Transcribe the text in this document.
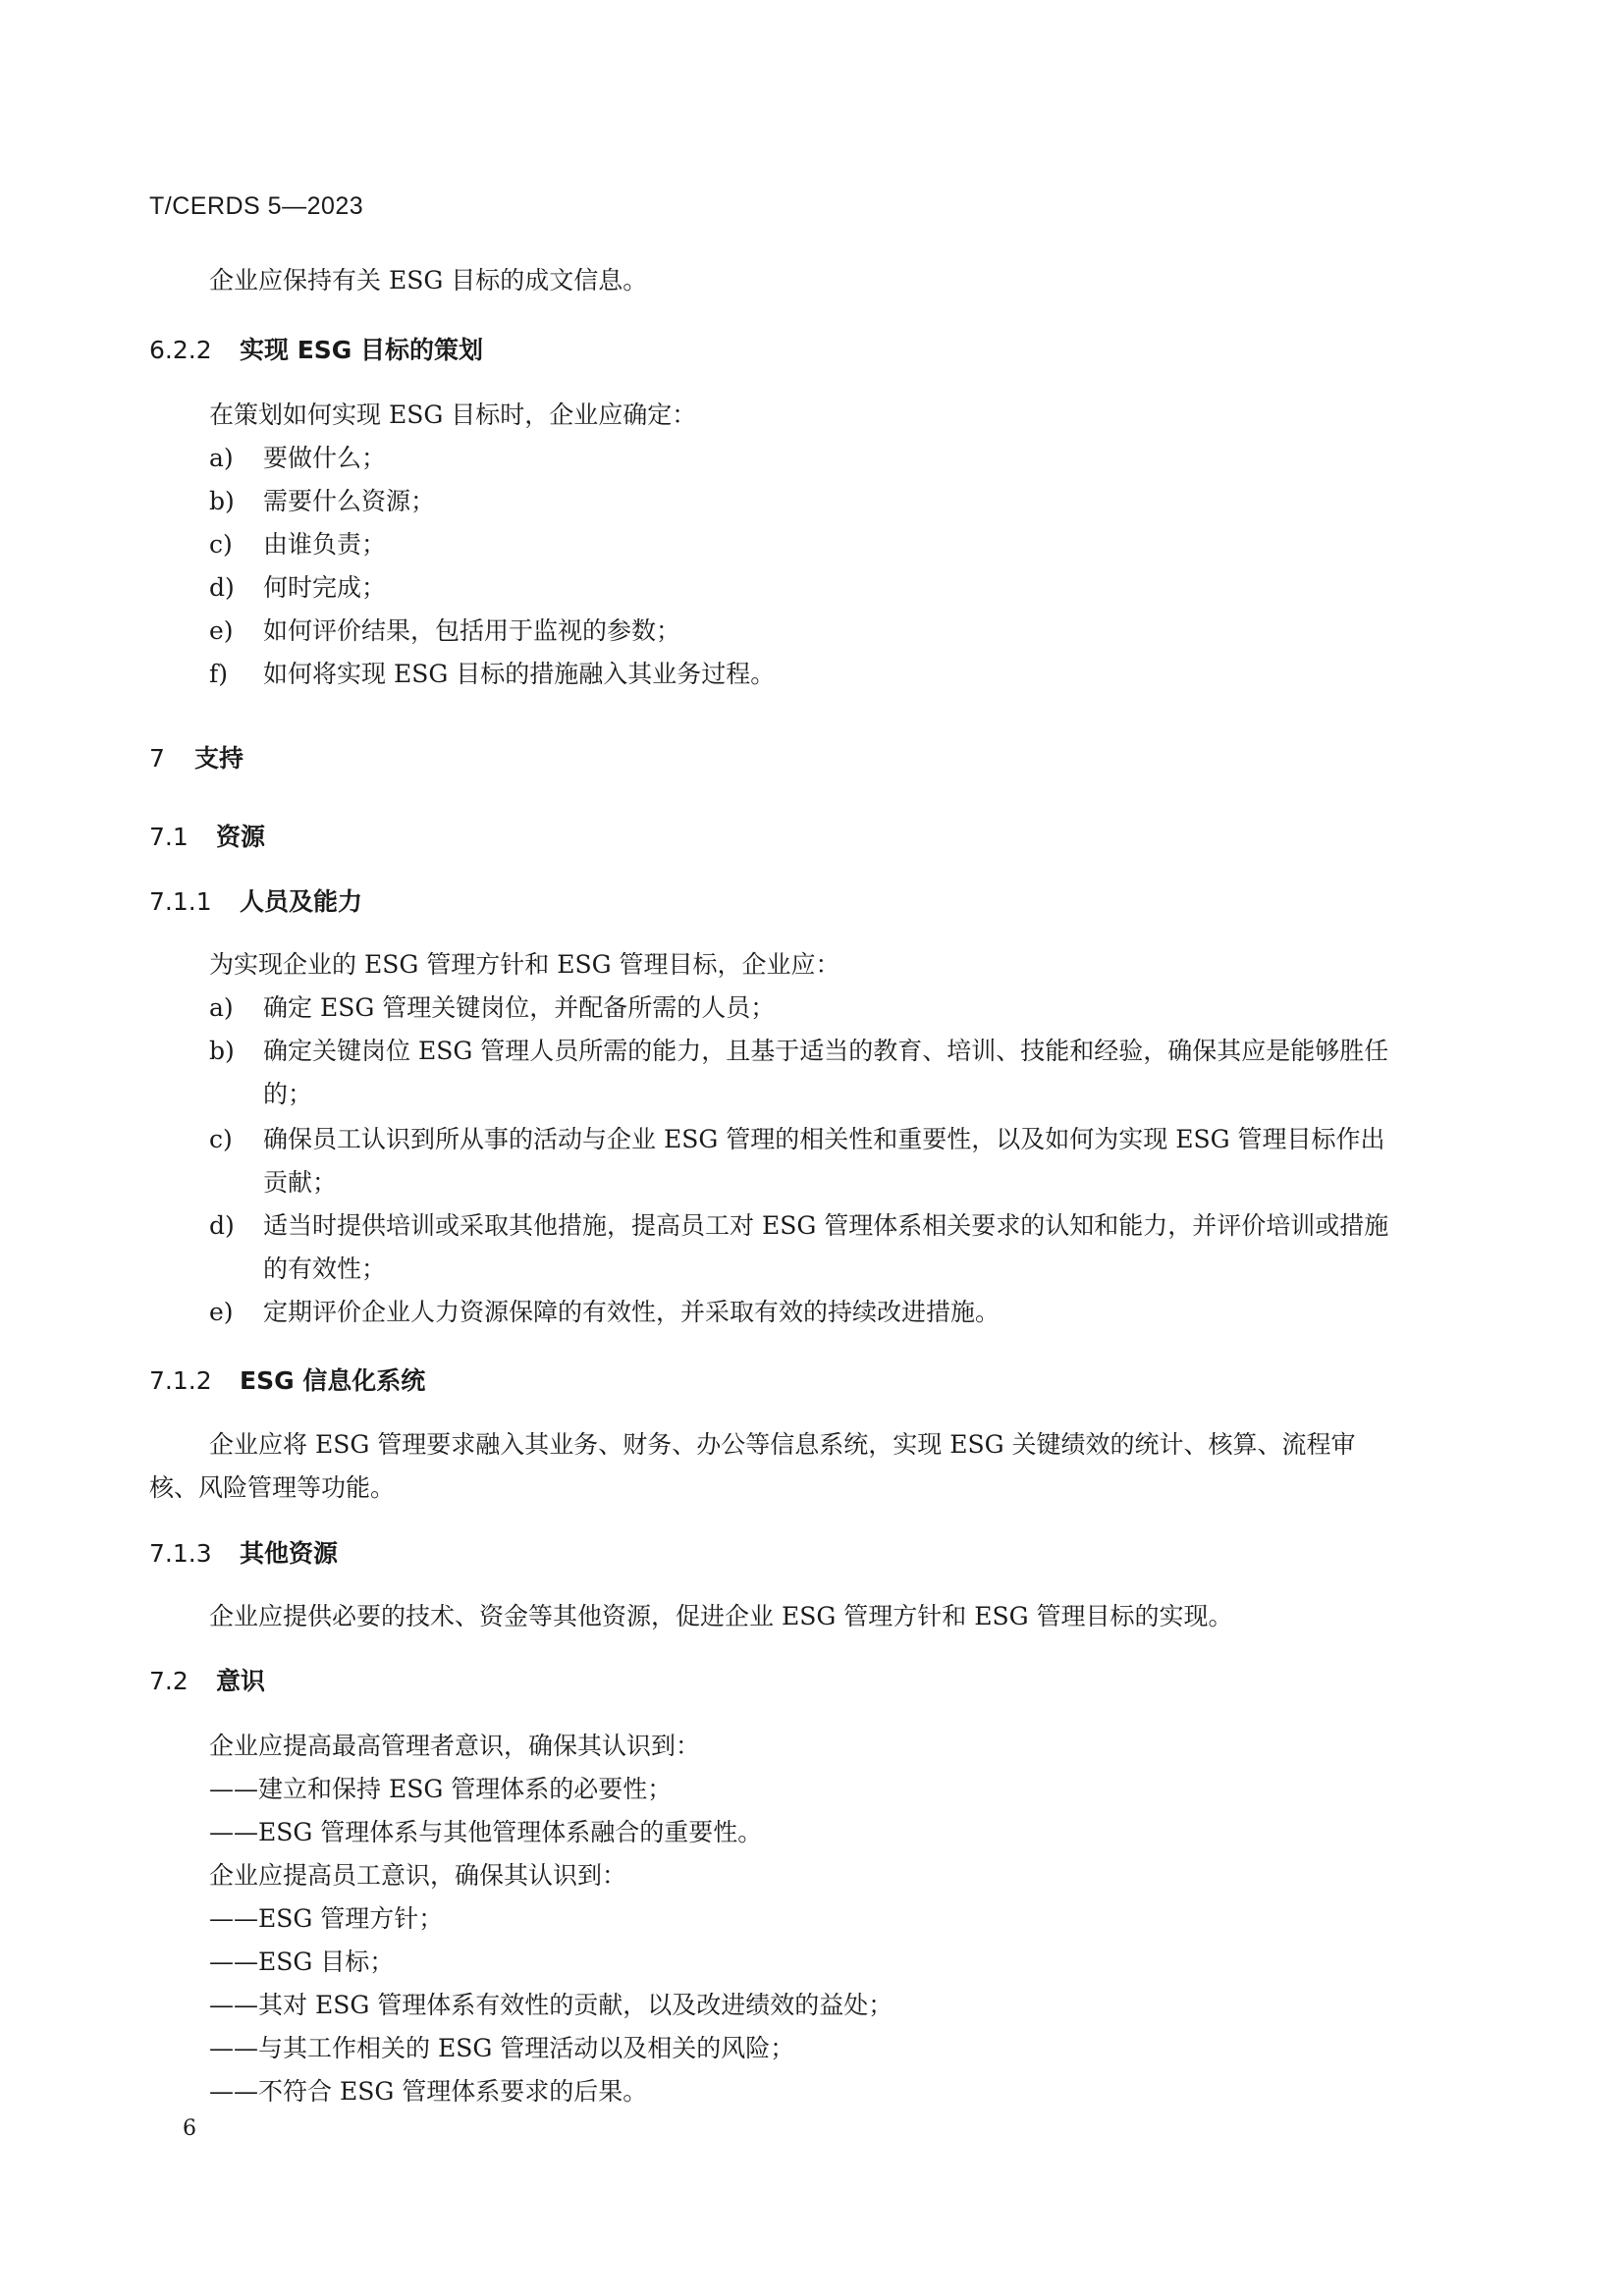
T/CERDS 5—2023
企业应保持有关 ESG 目标的成文信息。
6.2.2 实现 ESG 目标的策划
在策划如何实现 ESG 目标时，企业应确定：
a) 要做什么；
b) 需要什么资源；
c) 由谁负责；
d) 何时完成；
e) 如何评价结果，包括用于监视的参数；
f) 如何将实现 ESG 目标的措施融入其业务过程。
7 支持
7.1 资源
7.1.1 人员及能力
为实现企业的 ESG 管理方针和 ESG 管理目标，企业应：
a) 确定 ESG 管理关键岗位，并配备所需的人员；
b) 确定关键岗位 ESG 管理人员所需的能力，且基于适当的教育、培训、技能和经验，确保其应是能够胜任的；
c) 确保员工认识到所从事的活动与企业 ESG 管理的相关性和重要性，以及如何为实现 ESG 管理目标作出贡献；
d) 适当时提供培训或采取其他措施，提高员工对 ESG 管理体系相关要求的认知和能力，并评价培训或措施的有效性；
e) 定期评价企业人力资源保障的有效性，并采取有效的持续改进措施。
7.1.2 ESG 信息化系统
企业应将 ESG 管理要求融入其业务、财务、办公等信息系统，实现 ESG 关键绩效的统计、核算、流程审核、风险管理等功能。
7.1.3 其他资源
企业应提供必要的技术、资金等其他资源，促进企业 ESG 管理方针和 ESG 管理目标的实现。
7.2 意识
企业应提高最高管理者意识，确保其认识到：
——建立和保持 ESG 管理体系的必要性；
——ESG 管理体系与其他管理体系融合的重要性。
企业应提高员工意识，确保其认识到：
——ESG 管理方针；
——ESG 目标；
——其对 ESG 管理体系有效性的贡献，以及改进绩效的益处；
——与其工作相关的 ESG 管理活动以及相关的风险；
——不符合 ESG 管理体系要求的后果。
6
